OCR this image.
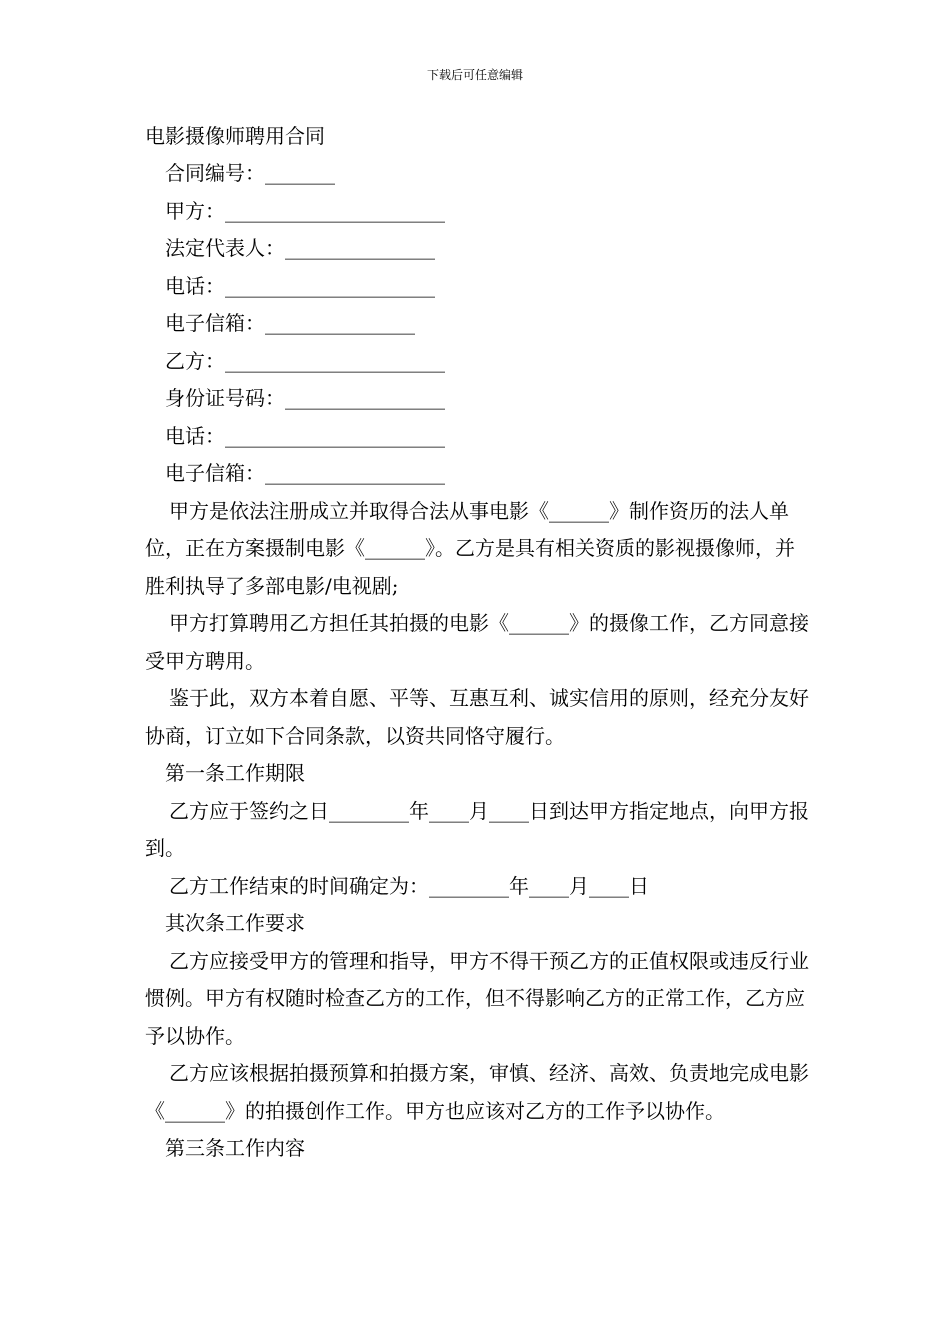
下载后可任意编辑
电影摄像师聘用合同
合同编号：_______
甲方：______________________
法定代表人：_______________
电话：_____________________
电子信箱：_______________
乙方：______________________
身份证号码：________________
电话：______________________
电子信箱：__________________

甲方是依法注册成立并取得合法从事电影《______》制作资历的法人单位，正在方案摄制电影《______》。乙方是具有相关资质的影视摄像师，并胜利执导了多部电影/电视剧;

甲方打算聘用乙方担任其拍摄的电影《______》的摄像工作，乙方同意接受甲方聘用。

鉴于此，双方本着自愿、平等、互惠互利、诚实信用的原则，经充分友好协商，订立如下合同条款，以资共同恪守履行。

第一条工作期限

乙方应于签约之日________年____月____日到达甲方指定地点，向甲方报到。

乙方工作结束的时间确定为：________年____月____日

其次条工作要求

乙方应接受甲方的管理和指导，甲方不得干预乙方的正值权限或违反行业惯例。甲方有权随时检查乙方的工作，但不得影响乙方的正常工作，乙方应予以协作。

乙方应该根据拍摄预算和拍摄方案，审慎、经济、高效、负责地完成电影《______》的拍摄创作工作。甲方也应该对乙方的工作予以协作。

第三条工作内容
